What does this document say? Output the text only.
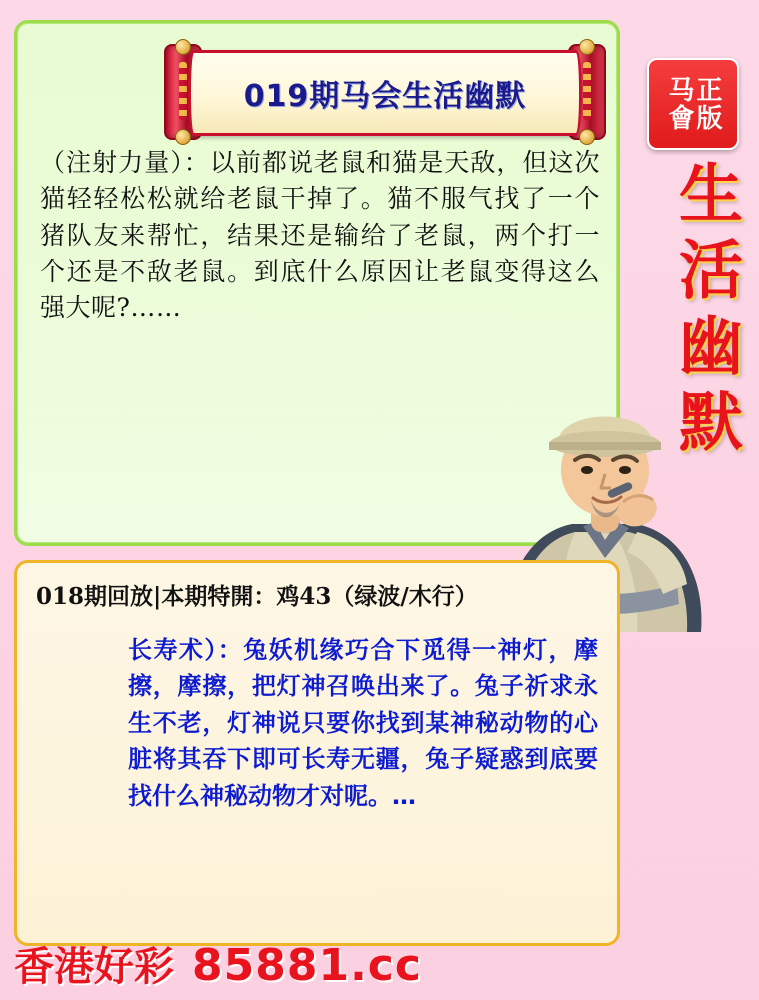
019期马会生活幽默
（注射力量）：以前都说老鼠和猫是天敌，但这次猫轻轻松松就给老鼠干掉了。猫不服气找了一个猪队友来帮忙，结果还是输给了老鼠，两个打一个还是不敌老鼠。到底什么原因让老鼠变得这么强大呢?……
正版
马會
生活幽默
018期回放|本期特開：鸡43（绿波/木行）
长寿术）：兔妖机缘巧合下觅得一神灯，摩擦，摩擦，把灯神召唤出来了。兔子祈求永生不老，灯神说只要你找到某神秘动物的心脏将其吞下即可长寿无疆，兔子疑惑到底要找什么神秘动物才对呢。…
香港好彩 85881.cc
